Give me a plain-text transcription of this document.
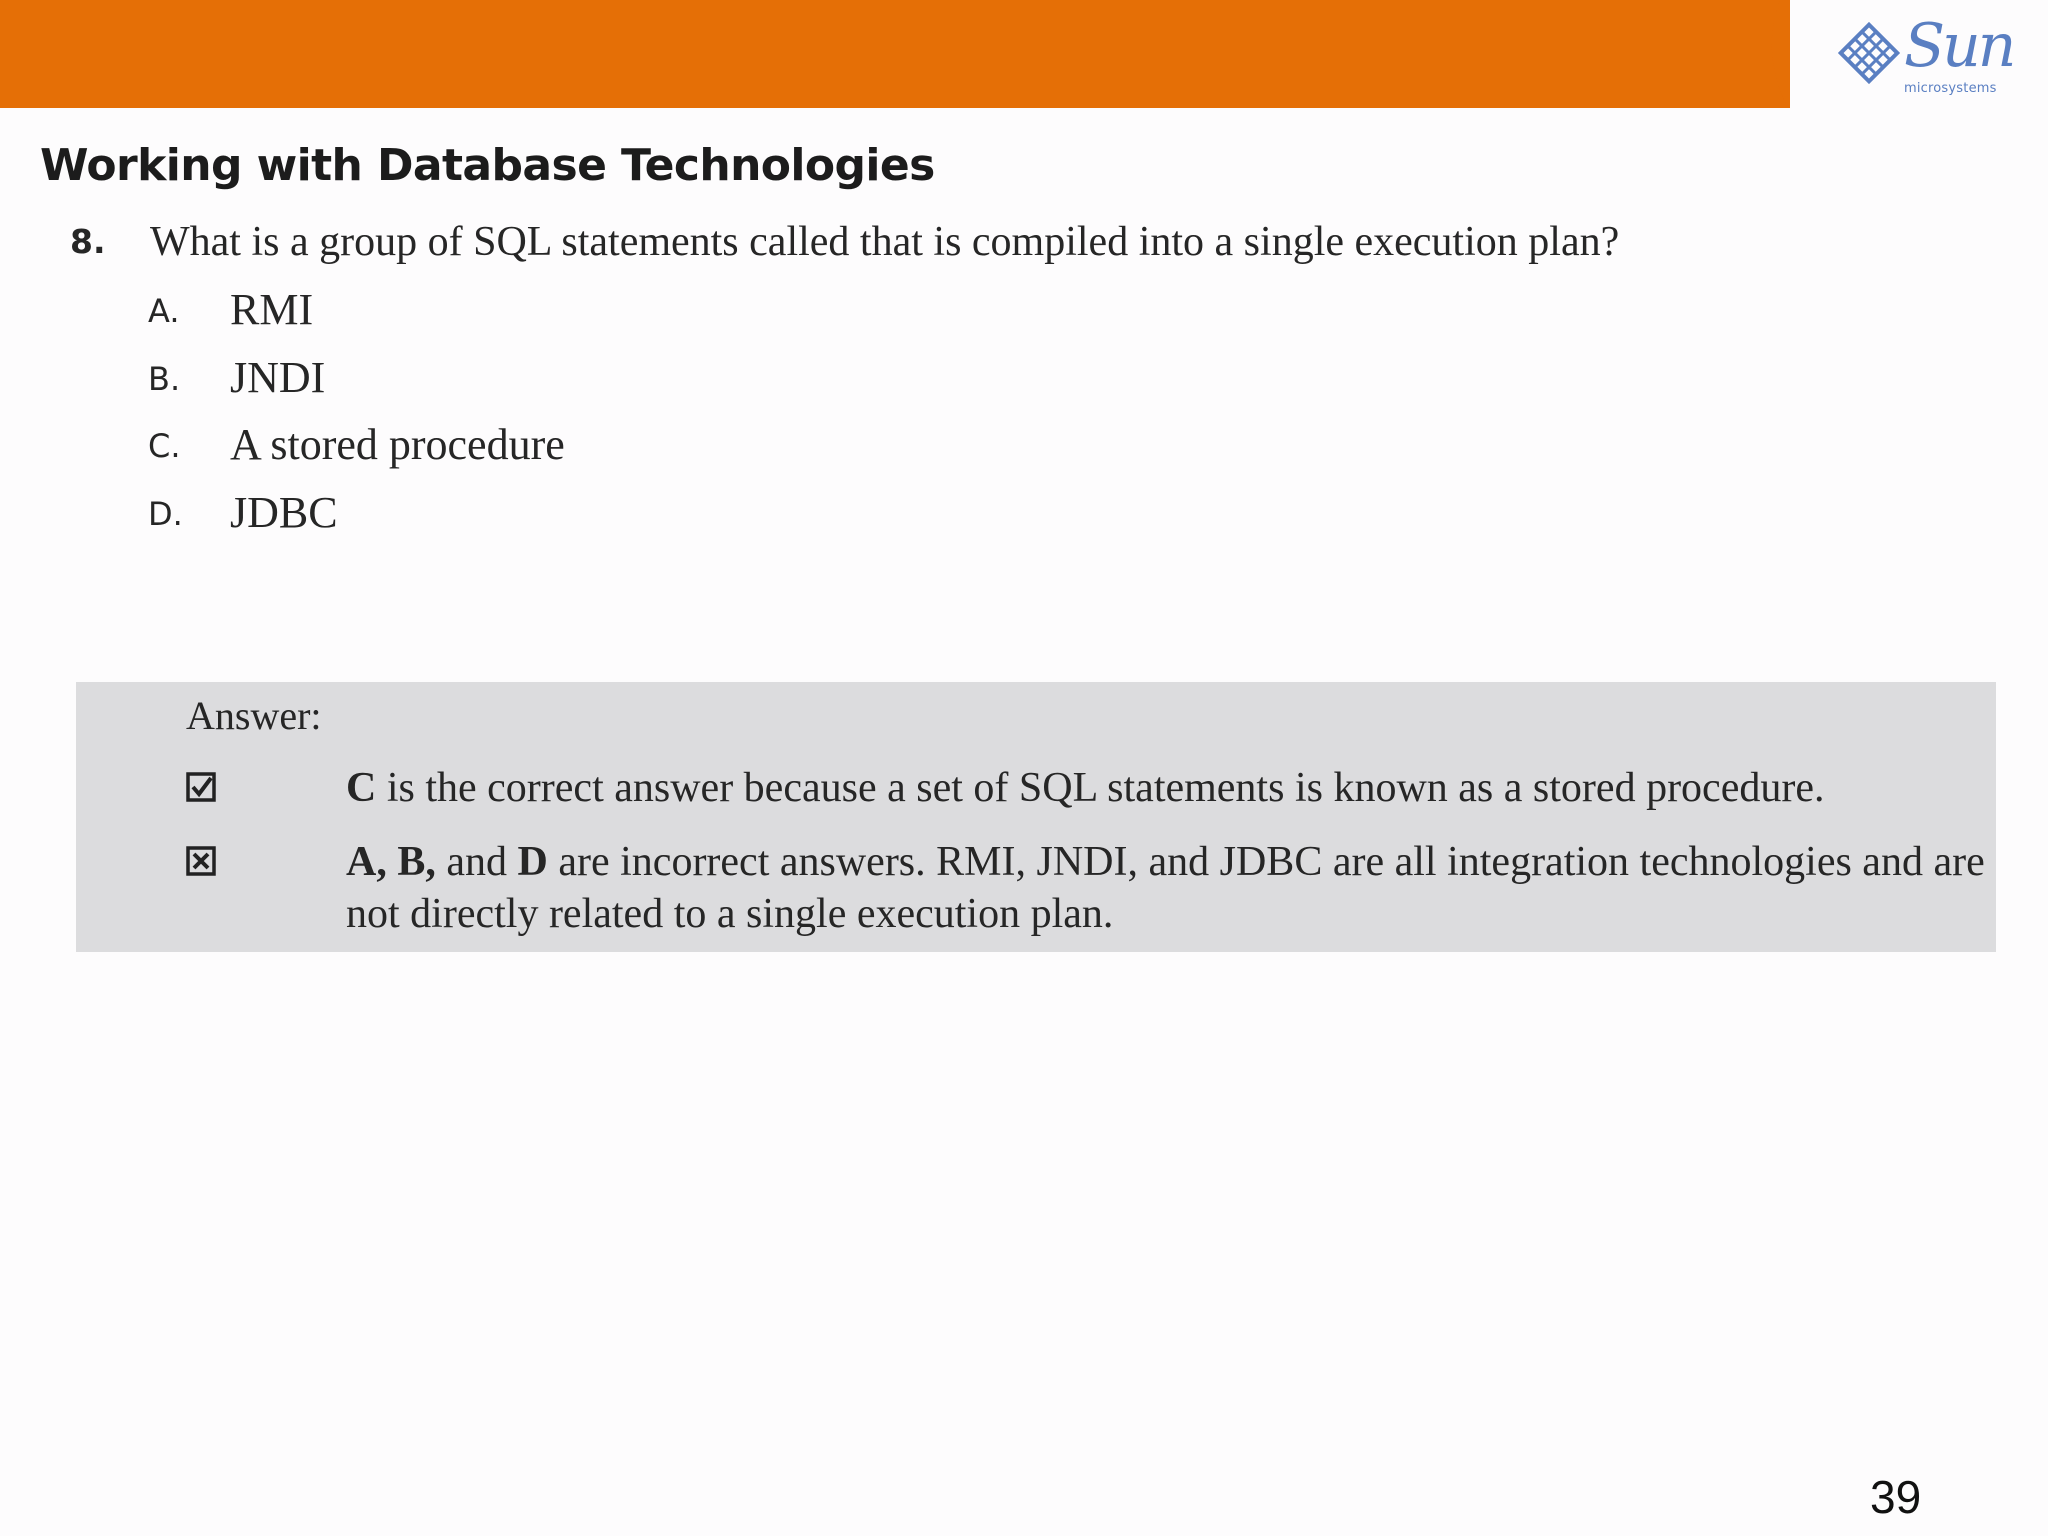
Sun
microsystems
Working with Database Technologies
8. What is a group of SQL statements called that is compiled into a single execution plan?
A. RMI
B. JNDI
C. A stored procedure
D. JDBC
Answer:
C is the correct answer because a set of SQL statements is known as a stored procedure.
A, B, and D are incorrect answers. RMI, JNDI, and JDBC are all integration technologies and are not directly related to a single execution plan.
39
